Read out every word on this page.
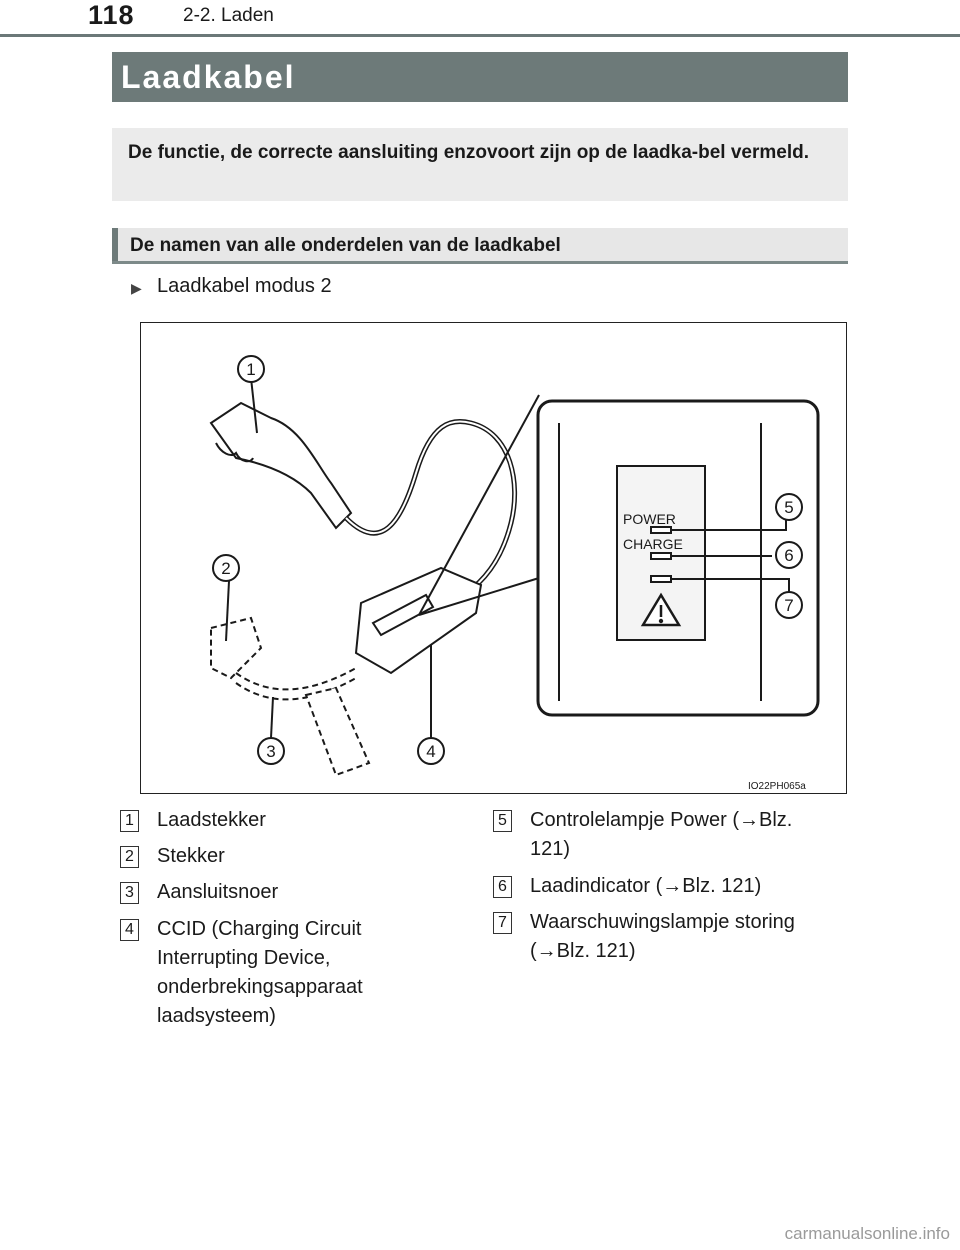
118	2-2. Laden
Laadkabel
De functie, de correcte aansluiting enzovoort zijn op de laadka-bel vermeld.
De namen van alle onderdelen van de laadkabel
▶ Laadkabel modus 2
POWER
CHARGE
1
2
3	4
5
6
7
IO22PH065a
1 Laadstekker
2 Stekker
3 Aansluitsnoer
4 CCID (Charging Circuit Interrupting Device, onderbrekingsapparaat laadsysteem)
5 Controlelampje Power (→Blz. 121)
6 Laadindicator (→Blz. 121)
7 Waarschuwingslampje storing (→Blz. 121)
carmanualsonline.info
